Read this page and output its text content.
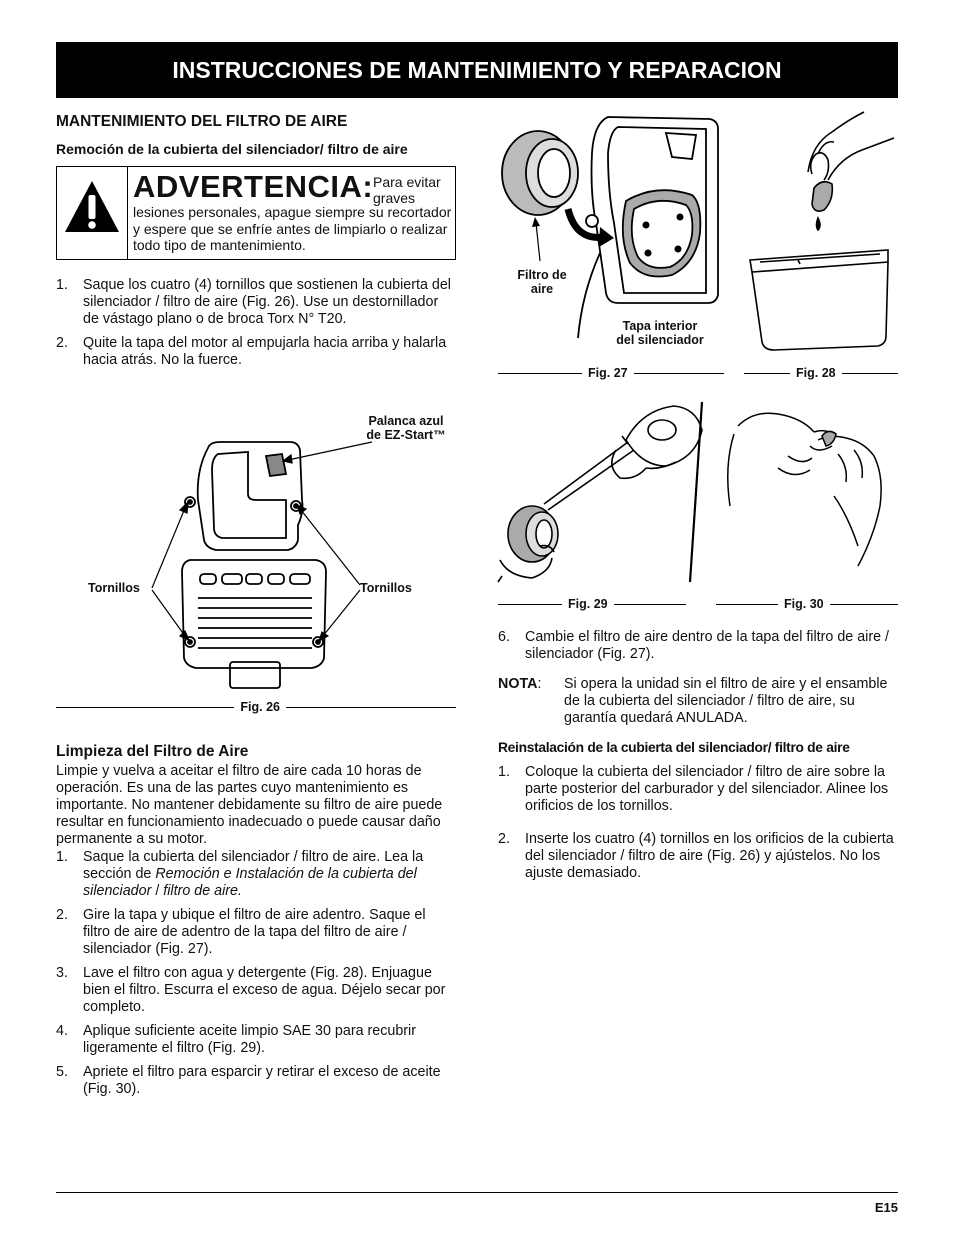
INSTRUCCIONES DE MANTENIMIENTO Y REPARACION
MANTENIMIENTO DEL FILTRO DE AIRE
Remoción de la cubierta del silenciador/ filtro de aire
ADVERTENCIA: Para evitar graves
lesiones personales, apague siempre su recortador y espere que se enfríe antes de limpiarlo o realizar todo tipo de mantenimiento.
1. Saque los cuatro (4) tornillos que sostienen la cubierta del silenciador / filtro de aire (Fig. 26). Use un destornillador de vástago plano o de broca Torx N° T20.
2. Quite la tapa del motor al empujarla hacia arriba y halarla hacia atrás. No la fuerce.
Palanca azul
de EZ-Start™
Tornillos	Tornillos
Fig. 26
Limpieza del Filtro de Aire
Limpie y vuelva a aceitar el filtro de aire cada 10 horas de operación. Es una de las partes cuyo mantenimiento es importante. No mantener debidamente su filtro de aire puede resultar en funcionamiento inadecuado o puede causar daño permanente a su motor.
1. Saque la cubierta del silenciador / filtro de aire. Lea la sección de Remoción e Instalación de la cubierta del silenciador / filtro de aire.
2. Gire la tapa y ubique el filtro de aire adentro. Saque el filtro de aire de adentro de la tapa del filtro de aire / silenciador (Fig. 27).
3. Lave el filtro con agua y detergente (Fig. 28). Enjuague bien el filtro. Escurra el exceso de agua. Déjelo secar por completo.
4. Aplique suficiente aceite limpio SAE 30 para recubrir ligeramente el filtro (Fig. 29).
5. Apriete el filtro para esparcir y retirar el exceso de aceite (Fig. 30).
Filtro de
aire
Tapa interior
del silenciador
Fig. 27	Fig. 28
Fig. 29	Fig. 30
6. Cambie el filtro de aire dentro de la tapa del filtro de aire / silenciador (Fig. 27).
NOTA: Si opera la unidad sin el filtro de aire y el ensamble de la cubierta del silenciador / filtro de aire, su garantía quedará ANULADA.
Reinstalación de la cubierta del silenciador/ filtro de aire
1. Coloque la cubierta del silenciador / filtro de aire sobre la parte posterior del carburador y del silenciador. Alinee los orificios de los tornillos.
2. Inserte los cuatro (4) tornillos en los orificios de la cubierta del silenciador / filtro de aire (Fig. 26) y ajústelos. No los ajuste demasiado.
E15
